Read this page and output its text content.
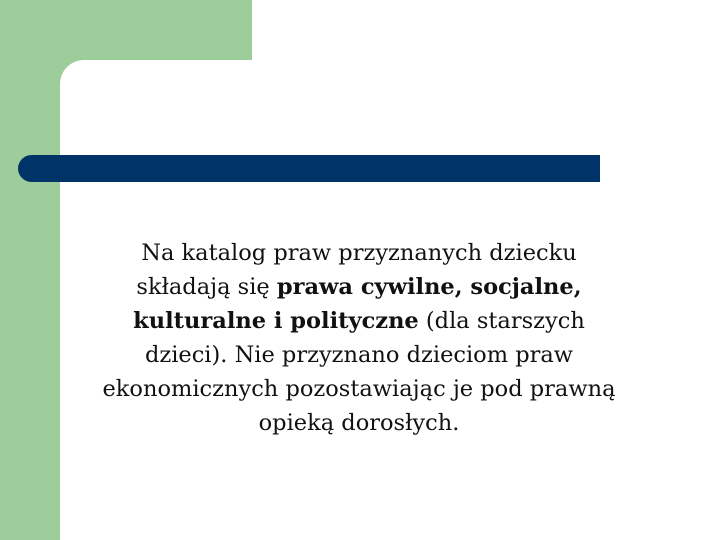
Na katalog praw przyznanych dziecku składają się prawa cywilne, socjalne, kulturalne i polityczne (dla starszych dzieci). Nie przyznano dzieciom praw ekonomicznych pozostawiając je pod prawną opieką dorosłych.
